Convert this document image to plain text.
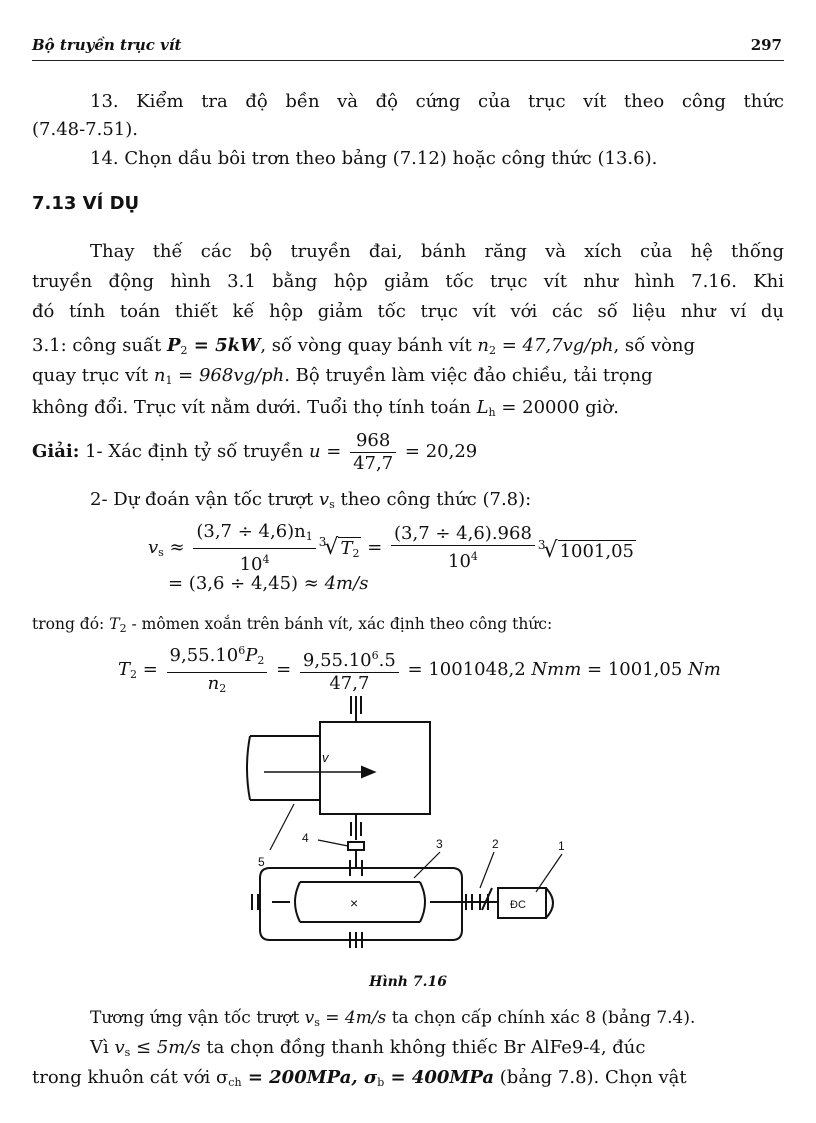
Bộ truyền trục vít	297
13. Kiểm tra độ bền và độ cứng của trục vít theo công thức
(7.48-7.51).
14. Chọn dầu bôi trơn theo bảng (7.12) hoặc công thức (13.6).
7.13 VÍ DỤ
Thay thế các bộ truyền đai, bánh răng và xích của hệ thống
truyền động hình 3.1 bằng hộp giảm tốc trục vít như hình 7.16. Khi
đó tính toán thiết kế hộp giảm tốc trục vít với các số liệu như ví dụ
3.1: công suất $P_2 = 5kW$, số vòng quay bánh vít $n_2 = 47,7vg/ph$, số vòng
quay trục vít $n_1 = 968vg/ph$. Bộ truyền làm việc đảo chiều, tải trọng
không đổi. Trục vít nằm dưới. Tuổi thọ tính toán $L_h = 20000$ giờ.
Giải: 1- Xác định tỷ số truyền $u = \frac{968}{47,7} = 20,29$
2- Dự đoán vận tốc trượt $v_s$ theo công thức (7.8):
$v_s \approx \frac{(3,7 \div 4,6)n_1}{10^4} ^3√$ $T_2 = \frac{(3,7 \div 4,6).968}{10^4} ^3√$ 1001,05
= (3,6 ÷ 4,45) ≈ 4m/s
trong đó: $T_2$ - mômen xoắn trên bánh vít, xác định theo công thức:
$T_2 = \frac{9,55.10^6P_2}{n_2} = \frac{9,55.10^6.5}{47,7} = 1001048,2$ Nmm = 1001,05 Nm
v
×	ĐC
5
4	3	2	1
Hình 7.16
Tương ứng vận tốc trượt $v_s = 4m/s$ ta chọn cấp chính xác 8 (bảng 7.4).
Vì $v_s \le 5m/s$ ta chọn đồng thanh không thiếc Br AlFe9-4, đúc
trong khuôn cát với $\sigma_{ch} = 200MPa$, $\sigma_b = 400MPa$ (bảng 7.8). Chọn vật
